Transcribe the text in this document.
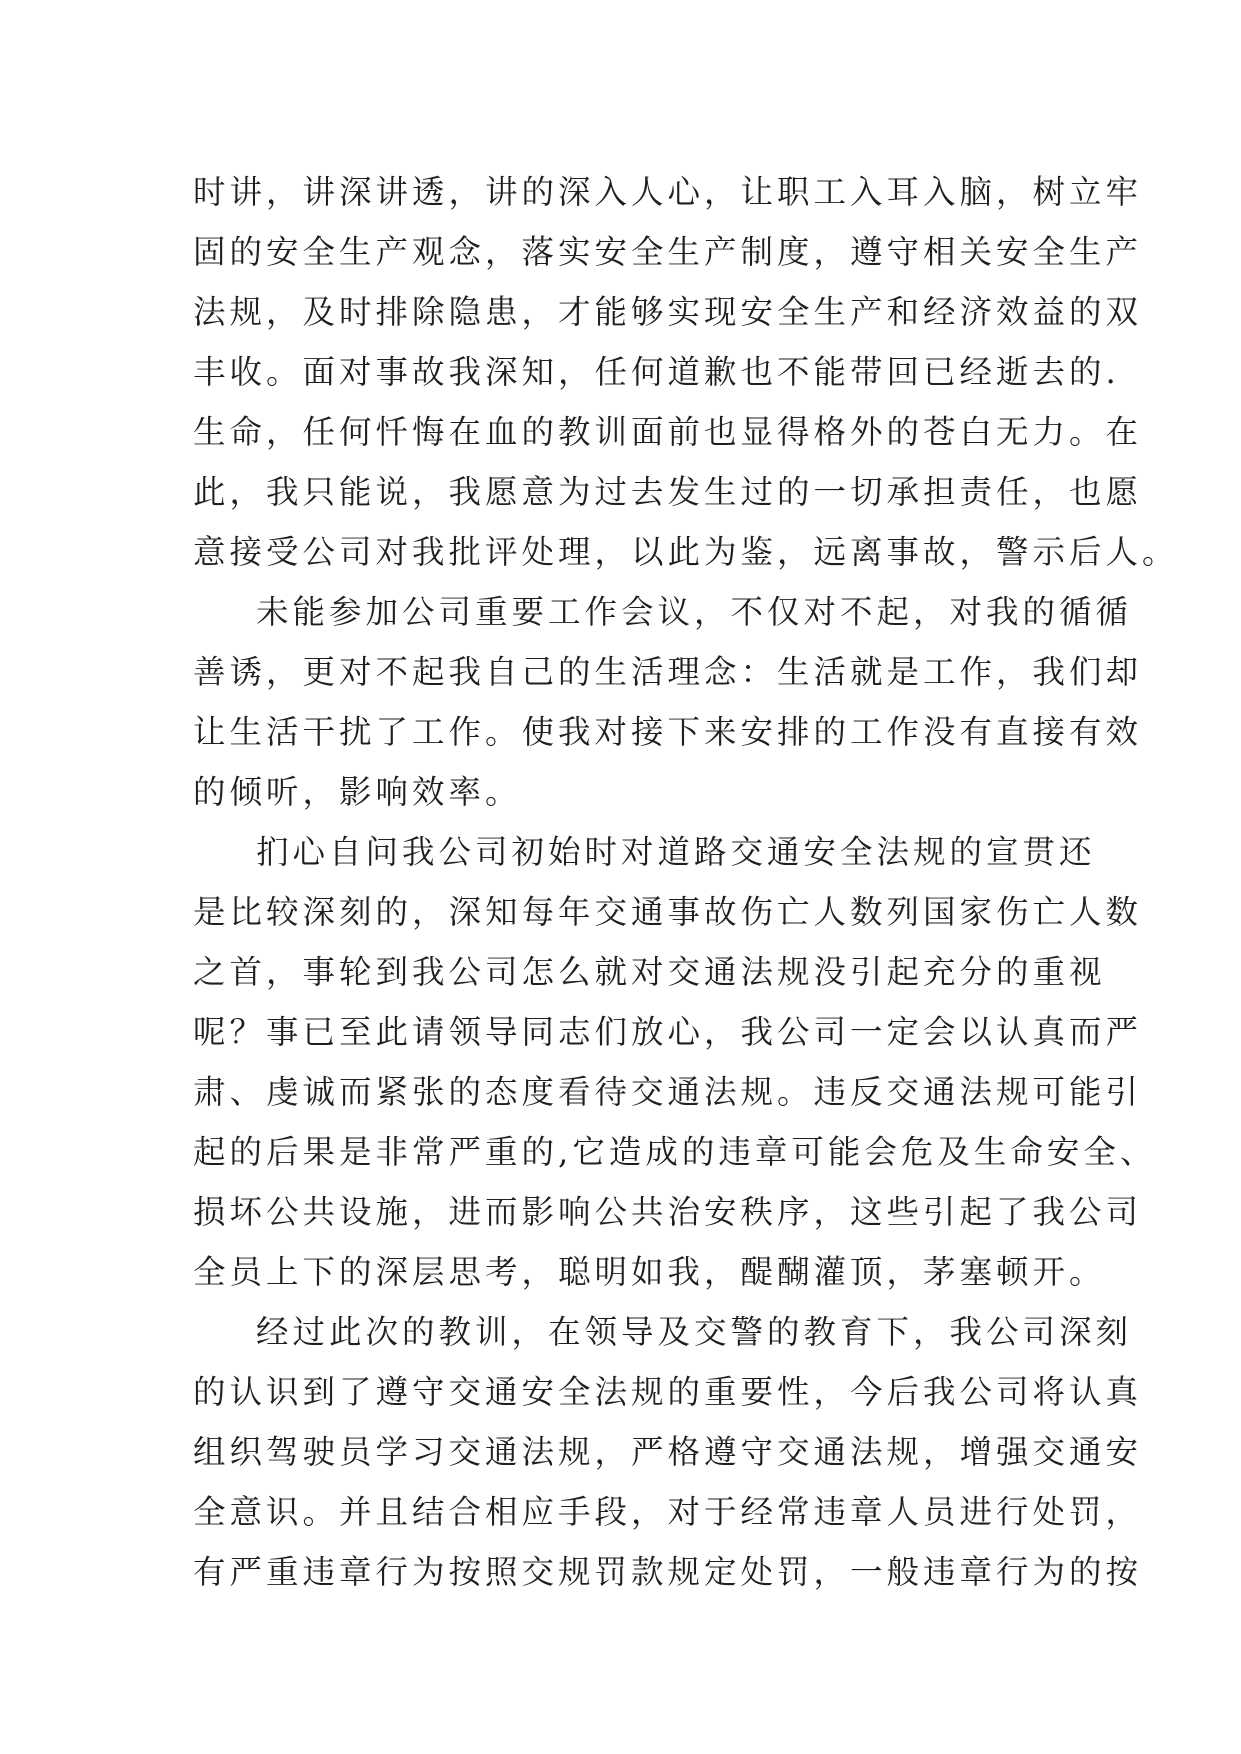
时讲，讲深讲透，讲的深入人心，让职工入耳入脑，树立牢
固的安全生产观念，落实安全生产制度，遵守相关安全生产
法规，及时排除隐患，才能够实现安全生产和经济效益的双
丰收。面对事故我深知，任何道歉也不能带回已经逝去的.
生命，任何忏悔在血的教训面前也显得格外的苍白无力。在
此，我只能说，我愿意为过去发生过的一切承担责任，也愿
意接受公司对我批评处理，以此为鉴，远离事故，警示后人。
未能参加公司重要工作会议，不仅对不起，对我的循循
善诱，更对不起我自己的生活理念：生活就是工作，我们却
让生活干扰了工作。使我对接下来安排的工作没有直接有效
的倾听，影响效率。
扪心自问我公司初始时对道路交通安全法规的宣贯还
是比较深刻的，深知每年交通事故伤亡人数列国家伤亡人数
之首，事轮到我公司怎么就对交通法规没引起充分的重视
呢？事已至此请领导同志们放心，我公司一定会以认真而严
肃、虔诚而紧张的态度看待交通法规。违反交通法规可能引
起的后果是非常严重的,它造成的违章可能会危及生命安全、
损坏公共设施，进而影响公共治安秩序，这些引起了我公司
全员上下的深层思考，聪明如我，醍醐灌顶，茅塞顿开。
经过此次的教训，在领导及交警的教育下，我公司深刻
的认识到了遵守交通安全法规的重要性，今后我公司将认真
组织驾驶员学习交通法规，严格遵守交通法规，增强交通安
全意识。并且结合相应手段，对于经常违章人员进行处罚，
有严重违章行为按照交规罚款规定处罚，一般违章行为的按
